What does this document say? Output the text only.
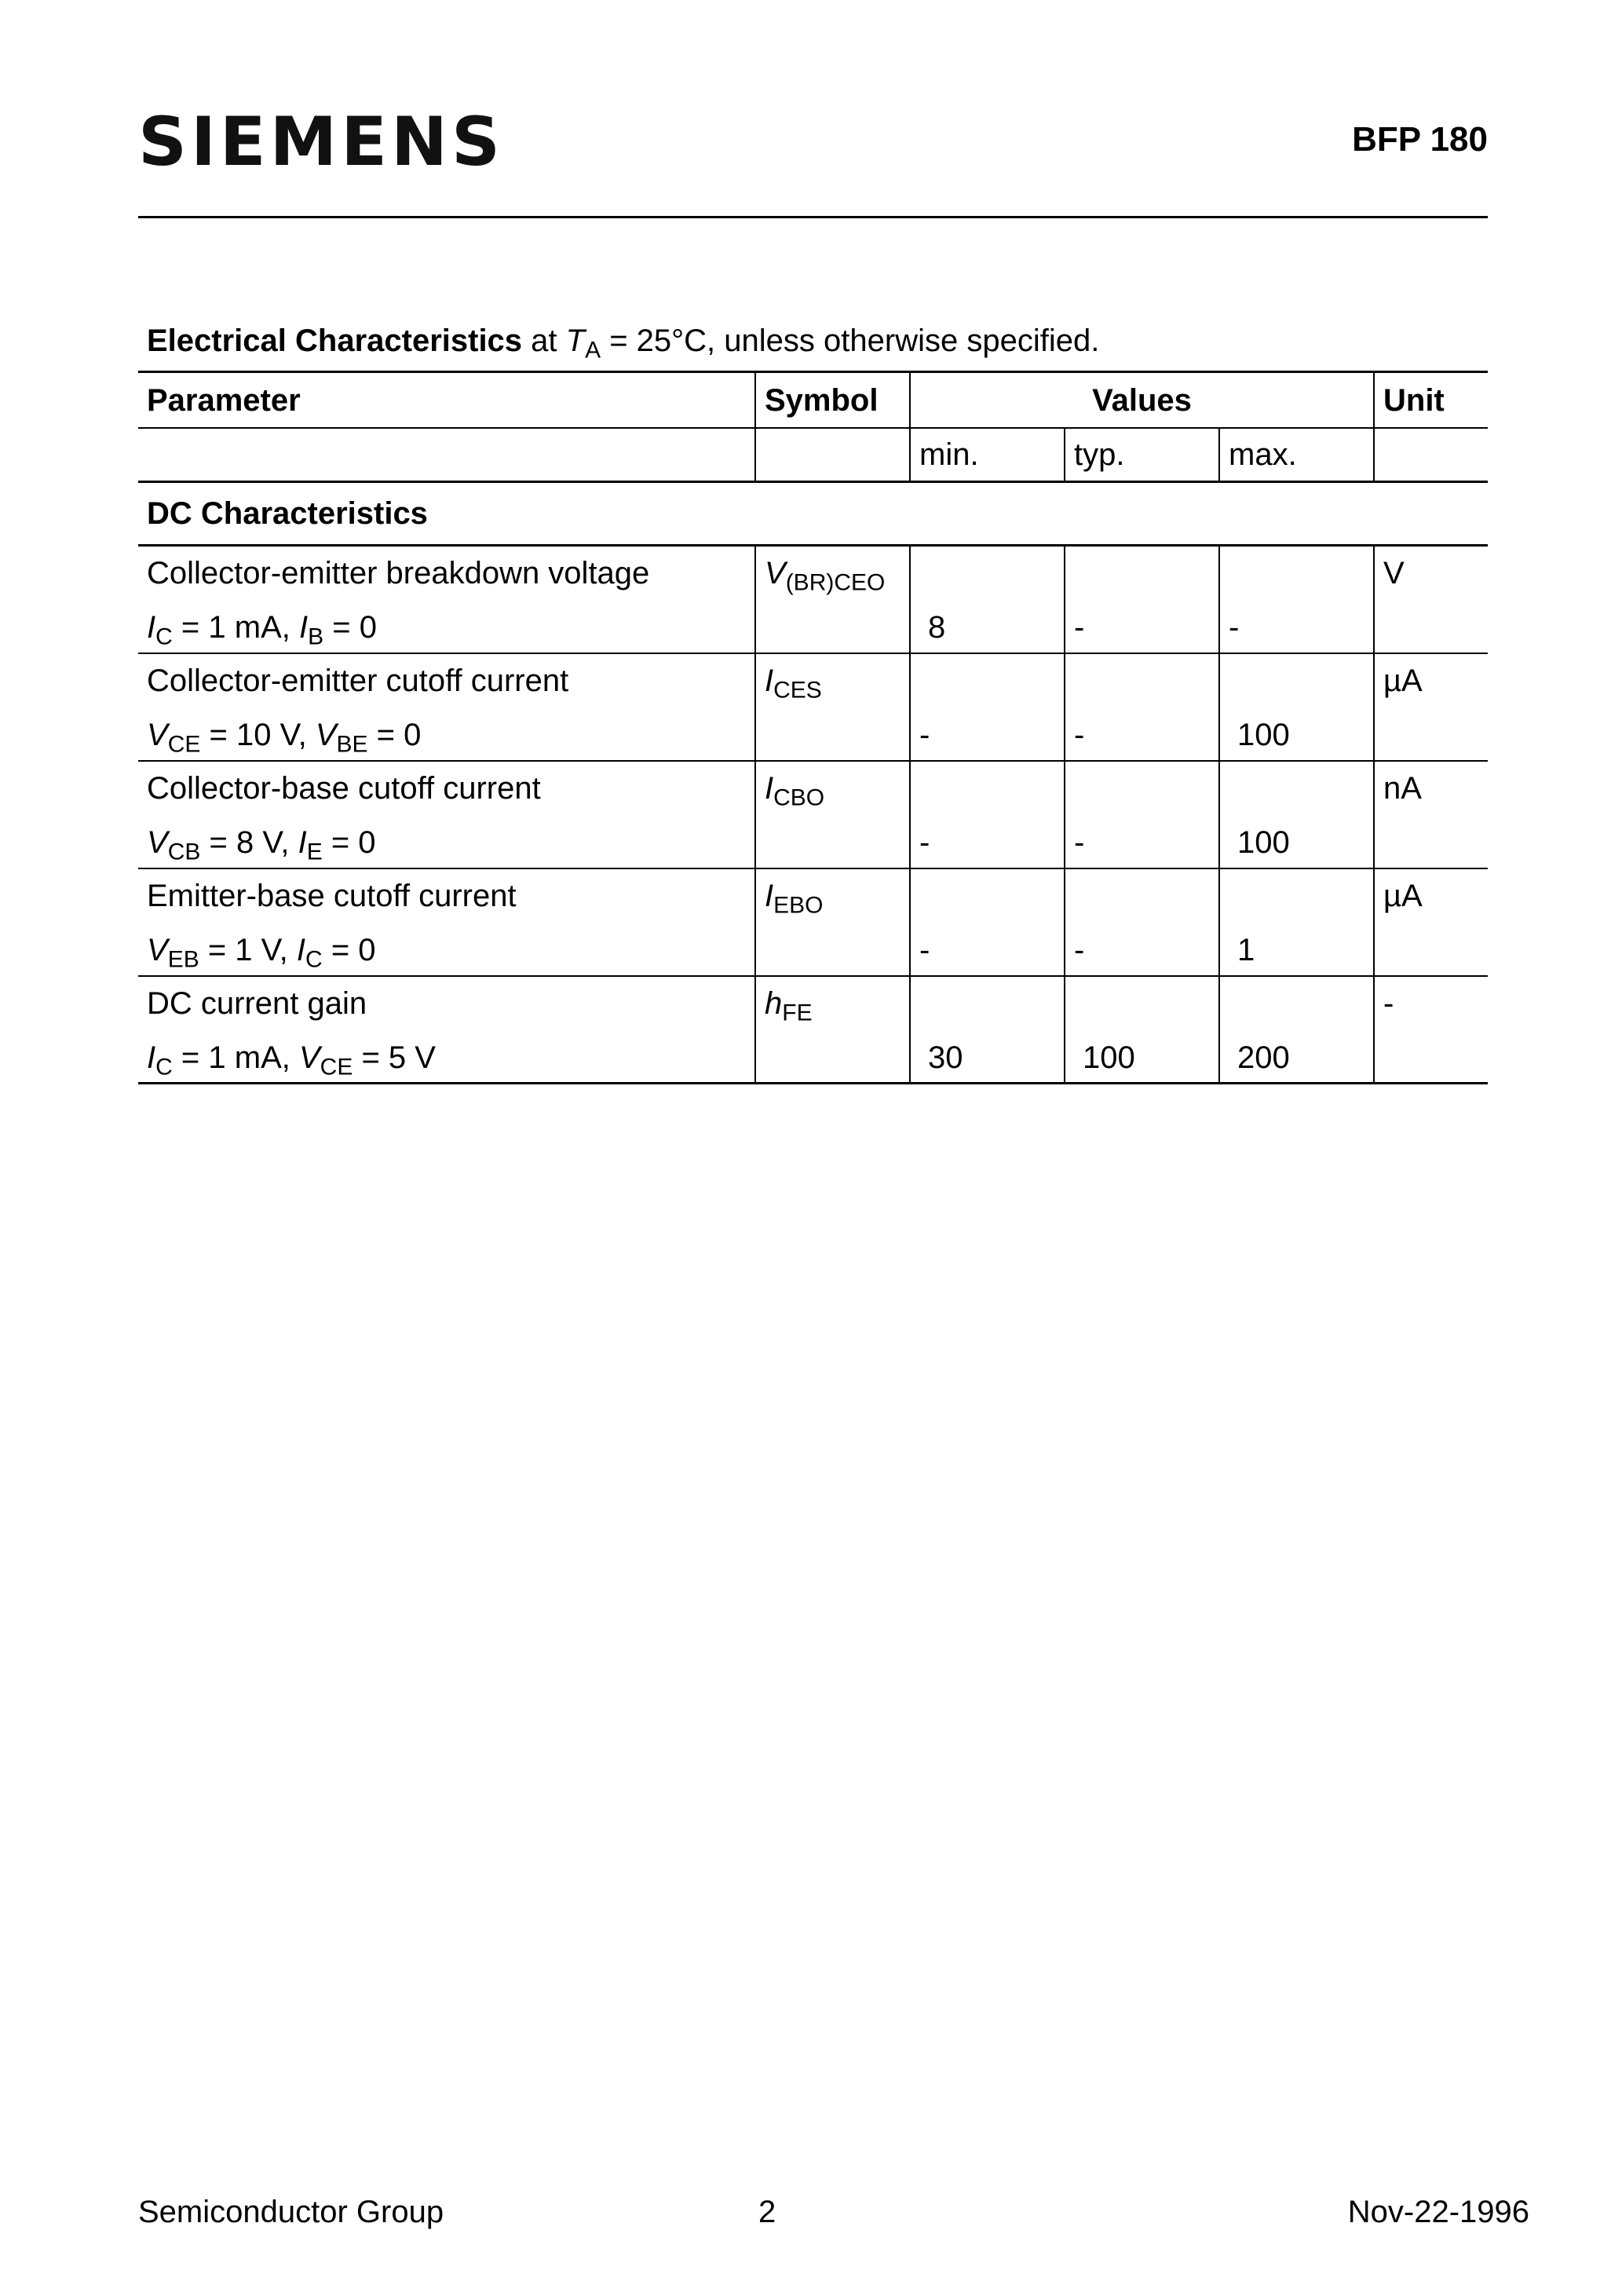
SIEMENS	BFP 180
Electrical Characteristics at $T_A = 25^\circ C$, unless otherwise specified.
Parameter	Symbol	Values			Unit
		min.	typ.	max.	
DC Characteristics					

Collector-emitter breakdown voltage
$I_C = 1$ mA, $I_B = 0$	$V_{(BR)CEO}$	8	-	-	V

Collector-emitter cutoff current
$V_{CE} = 10$ V, $V_{BE} = 0$	$I_{CES}$	-	-	100	µA

Collector-base cutoff current
$V_{CB} = 8$ V, $I_E = 0$	$I_{CBO}$	-	-	100	nA

Emitter-base cutoff current
$V_{EB} = 1$ V, $I_C = 0$	$I_{EBO}$	-	-	1	µA

DC current gain
$I_C = 1$ mA, $V_{CE} = 5$ V	$h_{FE}$	30	100	200	-
Semiconductor Group	2	Nov-22-1996
